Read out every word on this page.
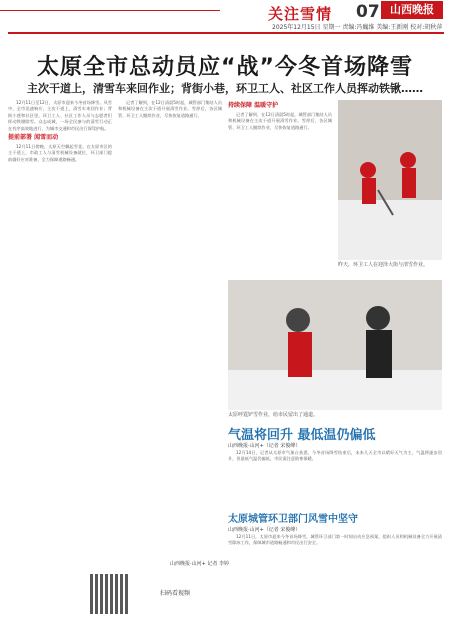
关注雪情 07 山西晚报
2025年12月15日 星期一 责编:冯巍维 美编:王新刚 校对:胡秋萍
太原全市总动员应“战”今冬首场降雪
主次干道上，清雪车来回作业；背街小巷，环卫工人、社区工作人员挥动铁锹……

12月11日至12日，太原市迎来今冬首场降雪。风雪中，全市迅速响应，主次干道上，清雪车来回作业；背街小巷和社区里，环卫工人、社区工作人员与志愿者们挥动铁锹除雪。众志成城，一场全民参与的清雪行动正在有序高效地进行，为城市交通和市民出行保驾护航。

提前部署 闻雪而动

12月11日傍晚，太原天空飘起雪花。在太原市区的主干道上，市政工人与清雪机械设备就位，环卫部门提前做好应对准备，全力保障道路畅通。

记者了解到，在12日清晨5时起，城管部门集结人员和机械设备在主次干道开展清雪作业。雪停后，各区城管、环卫工人继续作业，尽快恢复道路通行。

扫码看视频
持续保障 温暖守护

记者了解到，在12日清晨5时起，城管部门集结人员和机械设备在主次干道开展清雪作业。雪停后，各区城管、环卫工人继续作业，尽快恢复道路通行。

昨天，环卫工人在迎泽大街与清雪作业。
太原呼霆铲雪作业，给市民留出了通道。
气温将回升 最低温仍偏低
山西晚报·山河+（记者 宋俊峰）

12月14日，记者从太原市气象台获悉，今冬首场降雪结束后，未来几天全市以晴好天气为主，气温将逐步回升，但最低气温仍偏低，市民需注意防寒保暖。

太原城管环卫部门风雪中坚守
山西晚报·山河+（记者 宋俊峰）

12月11日，太原市迎来今冬首场降雪，城管环卫部门第一时间启动应急预案，组织人员和机械设备全力开展清雪除冰工作，保障城市道路畅通和市民出行安全。

山西晚报·山河+ 记者 李婷
